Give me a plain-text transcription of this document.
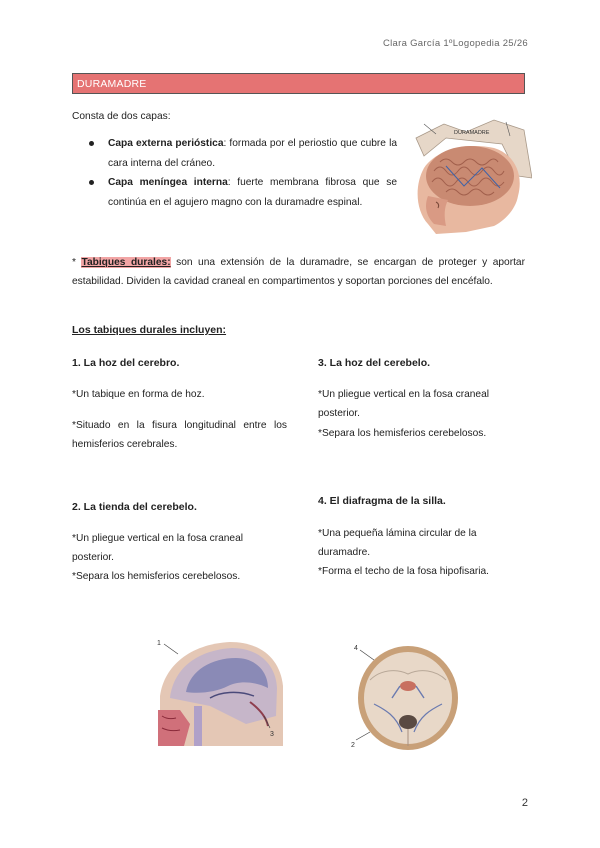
Clara García 1ºLogopedia 25/26
DURAMADRE
Consta de dos capas:
Capa externa perióstica: formada por el periostio que cubre la cara interna del cráneo.
Capa meníngea interna: fuerte membrana fibrosa que se continúa en el agujero magno con la duramadre espinal.
DURAMADRE
* Tabiques durales: son una extensión de la duramadre, se encargan de proteger y aportar estabilidad. Dividen la cavidad craneal en compartimentos y soportan porciones del encéfalo.
Los tabiques durales incluyen:
1. La hoz del cerebro.
*Un tabique en forma de hoz.
*Situado en la fisura longitudinal entre los hemisferios cerebrales.
3. La hoz del cerebelo.
*Un pliegue vertical en la fosa craneal posterior.
*Separa los hemisferios cerebelosos.
2. La tienda del cerebelo.
*Un pliegue vertical en la fosa craneal posterior.
*Separa los hemisferios cerebelosos.
4. El diafragma de la silla.
*Una pequeña lámina circular de la duramadre.
*Forma el techo de la fosa hipofisaria.
1
3
4
2
2
